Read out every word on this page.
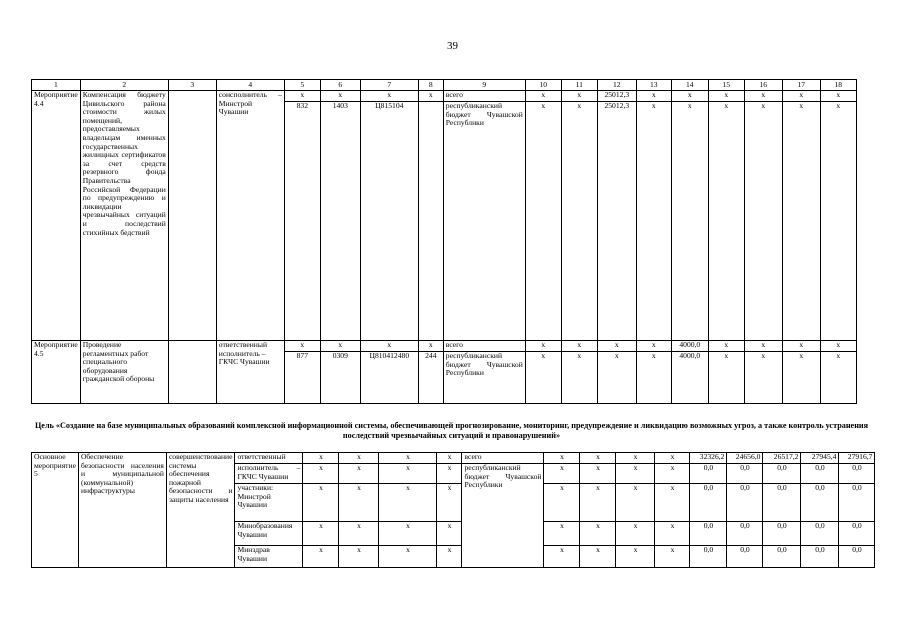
39
1	2	3	4	5	6	7	8	9	10	11	12	13	14	15	16	17	18
Мероприятие 4.4	Компенсация бюджету Цивильского района стоимости жилых помещений, предоставляемых владельцам именных государственных жилищных сертификатов за счет средств резервного фонда Правительства Российской Федерации по предупреждению и ликвидации чрезвычайных ситуаций и последствий стихийных бедствий		соисполнитель – Минстрой Чувашии	х	х	х	х	всего	х	х	25012,3	х	х	х	х	х	х
				832	1403	Ц815104		республиканский бюджет Чувашской Республики	х	х	25012,3	х	х	х	х	х	х
Мероприятие 4.5	Проведение регламентных работ специального оборудования гражданской обороны		ответственный исполнитель – ГКЧС Чувашии	х	х	х	х	всего	х	х	х	х	4000,0	х	х	х	х
				877	0309	Ц810412480	244	республиканский бюджет Чувашской Республики	х	х	х	х	4000,0	х	х	х	х
Цель «Создание на базе муниципальных образований комплексной информационной системы, обеспечивающей прогнозирование, мониторинг, предупреждение и ликвидацию возможных угроз, а также контроль устранения последствий чрезвычайных ситуаций и правонарушений»
Основное мероприятие 5	Обеспечение безопасности населения и муниципальной (коммунальной) инфраструктуры	совершенствование системы обеспечения пожарной безопасности и защиты населения	ответственный	х	х	х	х	всего	х	х	х	х	32326,2	24656,0	26517,2	27945,4	27916,7
			исполнитель – ГКЧС Чувашии	х	х	х	х	республиканский бюджет Чувашской Республики	х	х	х	х	0,0	0,0	0,0	0,0	0,0
			участники: Минстрой Чувашии	х	х	х	х		х	х	х	х	0,0	0,0	0,0	0,0	0,0
			Минобразования Чувашии	х	х	х	х		х	х	х	х	0,0	0,0	0,0	0,0	0,0
			Минздрав Чувашии	х	х	х	х		х	х	х	х	0,0	0,0	0,0	0,0	0,0
